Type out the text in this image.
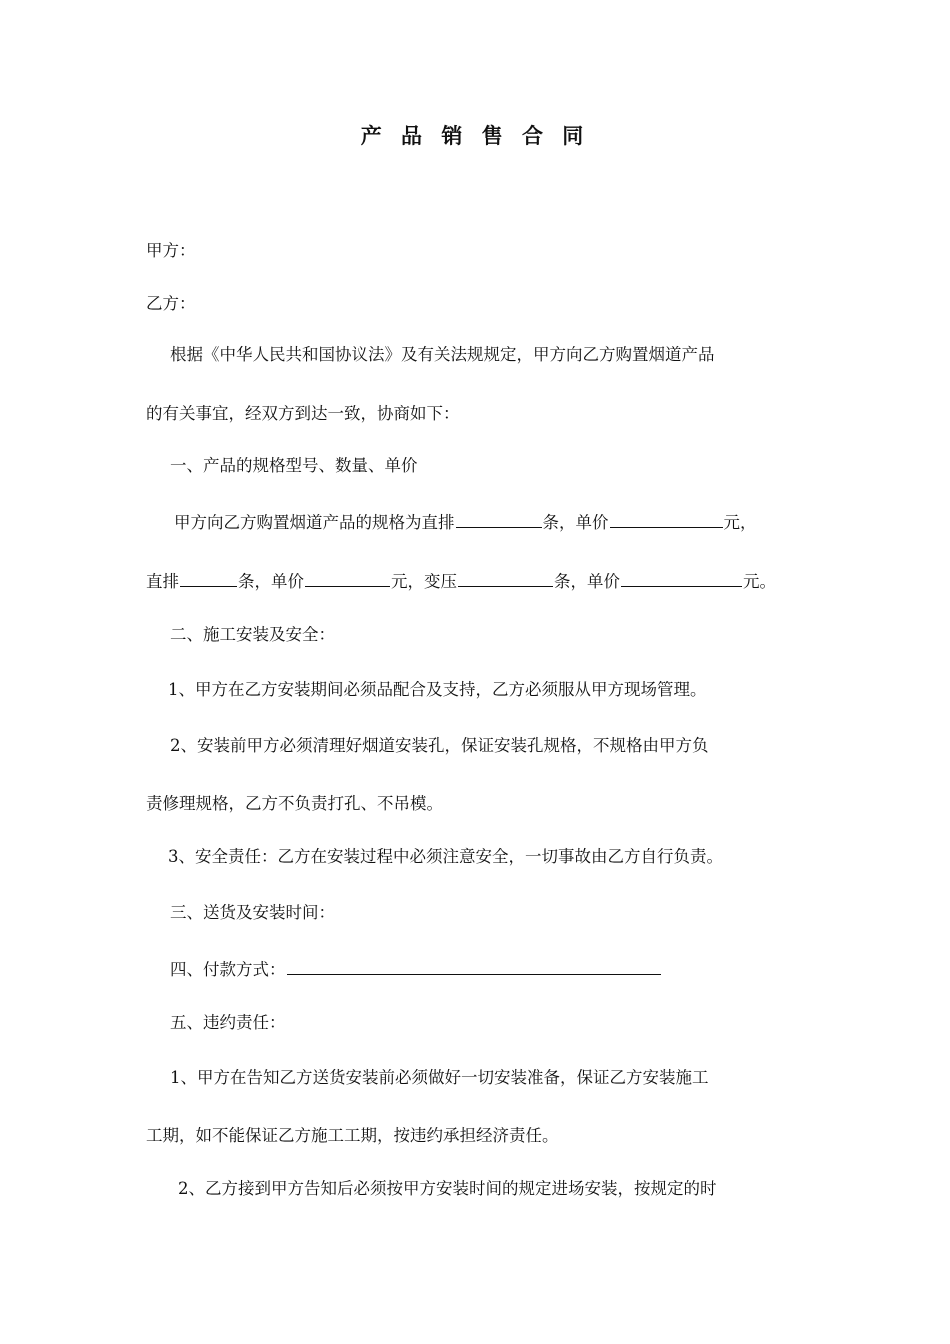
产 品 销 售 合 同
甲方：
乙方：
根据《中华人民共和国协议法》及有关法规规定，甲方向乙方购置烟道产品
的有关事宜，经双方到达一致，协商如下：
一、产品的规格型号、数量、单价
甲方向乙方购置烟道产品的规格为直排	条，单价	元，
直排	条，单价	元，变压	条，单价	元。
二、施工安装及安全：
1、甲方在乙方安装期间必须品配合及支持，乙方必须服从甲方现场管理。
2、安装前甲方必须清理好烟道安装孔，保证安装孔规格，不规格由甲方负
责修理规格，乙方不负责打孔、不吊模。
3、安全责任：乙方在安装过程中必须注意安全，一切事故由乙方自行负责。
三、送货及安装时间：
四、付款方式：
五、违约责任：
1、甲方在告知乙方送货安装前必须做好一切安装准备，保证乙方安装施工
工期，如不能保证乙方施工工期，按违约承担经济责任。
2、乙方接到甲方告知后必须按甲方安装时间的规定进场安装，按规定的时
